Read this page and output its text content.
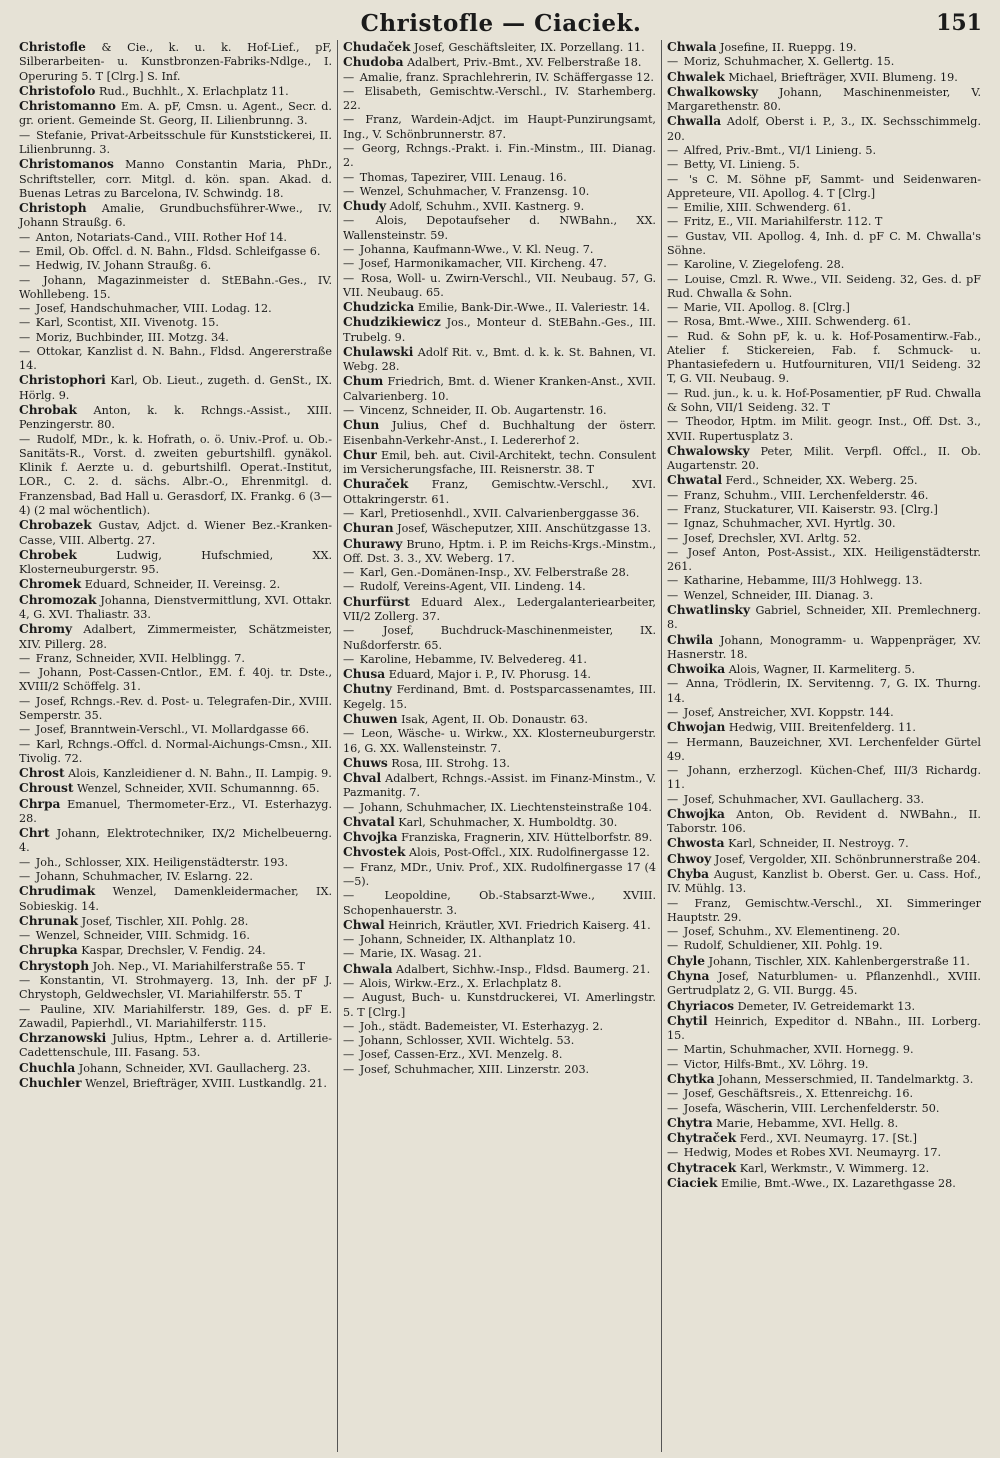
Christofle — Ciaciek.	151
Christofle & Cie., k. u. k. Hof-Lief., pF, Silberarbeiten- u. Kunstbronzen-Fabriks-Ndlge., I. Operuring 5. T [Clrg.] S. Inf.
Christofolo Rud., Buchhlt., X. Erlachplatz 11.
Christomanno Em. A. pF, Cmsn. u. Agent., Secr. d. gr. orient. Gemeinde St. Georg, II. Lilienbrunng. 3.
— Stefanie, Privat-Arbeitsschule für Kunststickerei, II. Lilienbrunng. 3.
Christomanos Manno Constantin Maria, PhDr., Schriftsteller, corr. Mitgl. d. kön. span. Akad. d. Buenas Letras zu Barcelona, IV. Schwindg. 18.
Christoph Amalie, Grundbuchsführer-Wwe., IV. Johann Straußg. 6.
— Anton, Notariats-Cand., VIII. Rother Hof 14.
— Emil, Ob. Offcl. d. N. Bahn., Fldsd. Schleifgasse 6.
— Hedwig, IV. Johann Straußg. 6.
— Johann, Magazinmeister d. StEBahn.-Ges., IV. Wohllebeng. 15.
— Josef, Handschuhmacher, VIII. Lodag. 12.
— Karl, Scontist, XII. Vivenotg. 15.
— Moriz, Buchbinder, III. Motzg. 34.
— Ottokar, Kanzlist d. N. Bahn., Fldsd. Angererstraße 14.
Christophori Karl, Ob. Lieut., zugeth. d. GenSt., IX. Hörlg. 9.
Chrobak Anton, k. k. Rchngs.-Assist., XIII. Penzingerstr. 80.
— Rudolf, MDr., k. k. Hofrath, o. ö. Univ.-Prof. u. Ob.-Sanitäts-R., Vorst. d. zweiten geburtshilfl. gynäkol. Klinik f. Aerzte u. d. geburtshilfl. Operat.-Institut, LOR., C. 2. d. sächs. Albr.-O., Ehrenmitgl. d. Franzensbad, Bad Hall u. Gerasdorf, IX. Frankg. 6 (3—4) (2 mal wöchentlich).
Chrobazek Gustav, Adjct. d. Wiener Bez.-Kranken-Casse, VIII. Albertg. 27.
Chrobek	Ludwig, Hufschmied, XX. Klosterneuburgerstr. 95.
Chromek Eduard, Schneider, II. Vereinsg. 2.
Chromozak Johanna, Dienstvermittlung, XVI. Ottakr. 4, G. XVI. Thaliastr. 33.
Chromy Adalbert, Zimmermeister, Schätzmeister, XIV. Pillerg. 28.
— Franz, Schneider, XVII. Helblingg. 7.
— Johann, Post-Cassen-Cntlor., EM. f. 40j. tr. Dste., XVIII/2 Schöffelg. 31.
— Josef, Rchngs.-Rev. d. Post- u. Telegrafen-Dir., XVIII. Semperstr. 35.
— Josef, Branntwein-Verschl., VI. Mollardgasse 66.
— Karl, Rchngs.-Offcl. d. Normal-Aichungs-Cmsn., XII. Tivolig. 72.
Chrost Alois, Kanzleidiener d. N. Bahn., II. Lampig. 9.
Chroust Wenzel, Schneider, XVII. Schumannng. 65.
Chrpa Emanuel, Thermometer-Erz., VI. Esterhazyg. 28.
Chrt Johann, Elektrotechniker, IX/2 Michelbeuerng. 4.
— Joh., Schlosser, XIX. Heiligenstädterstr. 193.
— Johann, Schuhmacher, IV. Eslarng. 22.
Chrudimak Wenzel, Damenkleidermacher, IX. Sobieskig. 14.
Chrunak Josef, Tischler, XII. Pohlg. 28.
— Wenzel, Schneider, VIII. Schmidg. 16.
Chrupka Kaspar, Drechsler, V. Fendig. 24.
Chrystoph Joh. Nep., VI. Mariahilferstraße 55. T
— Konstantin, VI. Strohmayerg. 13, Inh. der pF J. Chrystoph, Geldwechsler, VI. Mariahilferstr. 55. T
— Pauline, XIV. Mariahilferstr. 189, Ges. d. pF E. Zawadil, Papierhdl., VI. Mariahilferstr. 115.
Chrzanowski Julius, Hptm., Lehrer a. d. Artillerie-Cadettenschule, III. Fasang. 53.
Chuchla Johann, Schneider, XVI. Gaullacherg. 23.
Chuchler Wenzel, Briefträger, XVIII. Lustkandlg. 21.
Chudaček Josef, Geschäftsleiter, IX. Porzellang. 11.
Chudoba Adalbert, Priv.-Bmt., XV. Felberstraße 18.
— Amalie, franz. Sprachlehrerin, IV. Schäffergasse 12.
— Elisabeth, Gemischtw.-Verschl., IV. Starhemberg. 22.
— Franz, Wardein-Adjct. im Haupt-Punzirungsamt, Ing., V. Schönbrunnerstr. 87.
— Georg, Rchngs.-Prakt. i. Fin.-Minstm., III. Dianag. 2.
— Thomas, Tapezirer, VIII. Lenaug. 16.
— Wenzel, Schuhmacher, V. Franzensg. 10.
Chudy Adolf, Schuhm., XVII. Kastnerg. 9.
— Alois, Depotaufseher d. NWBahn., XX. Wallensteinstr. 59.
— Johanna, Kaufmann-Wwe., V. Kl. Neug. 7.
— Josef, Harmonikamacher, VII. Kircheng. 47.
— Rosa, Woll- u. Zwirn-Verschl., VII. Neubaug. 57, G. VII. Neubaug. 65.
Chudzicka Emilie, Bank-Dir.-Wwe., II. Valeriestr. 14.
Chudzikiewicz Jos., Monteur d. StEBahn.-Ges., III. Trubelg. 9.
Chulawski Adolf Rit. v., Bmt. d. k. k. St. Bahnen, VI. Webg. 28.
Chum Friedrich, Bmt. d. Wiener Kranken-Anst., XVII. Calvarienberg. 10.
— Vincenz, Schneider, II. Ob. Augartenstr. 16.
Chun Julius, Chef d. Buchhaltung der österr. Eisenbahn-Verkehr-Anst., I. Ledererhof 2.
Chur Emil, beh. aut. Civil-Architekt, techn. Consulent im Versicherungsfache, III. Reisnerstr. 38. T
Churaček Franz, Gemischtw.-Verschl., XVI. Ottakringerstr. 61.
— Karl, Pretiosenhdl., XVII. Calvarienberggasse 36.
Churan Josef, Wäscheputzer, XIII. Anschützgasse 13.
Churawy Bruno, Hptm. i. P. im Reichs-Krgs.-Minstm., Off. Dst. 3. 3., XV. Weberg. 17.
— Karl, Gen.-Domänen-Insp., XV. Felberstraße 28.
— Rudolf, Vereins-Agent, VII. Lindeng. 14.
Churfürst Eduard Alex., Ledergalanteriearbeiter, VII/2 Zollerg. 37.
—	Josef, Buchdruck-Maschinenmeister, IX. Nußdorferstr. 65.
— Karoline, Hebamme, IV. Belvedereg. 41.
Chusa Eduard, Major i. P., IV. Phorusg. 14.
Chutny Ferdinand, Bmt. d. Postsparcassenamtes, III. Kegelg. 15.
Chuwen Isak, Agent, II. Ob. Donaustr. 63.
— Leon, Wäsche- u. Wirkw., XX. Klosterneuburgerstr. 16, G. XX. Wallensteinstr. 7.
Chuws Rosa, III. Strohg. 13.
Chval Adalbert, Rchngs.-Assist. im Finanz-Minstm., V. Pazmanitg. 7.
— Johann, Schuhmacher, IX. Liechtensteinstraße 104.
Chvatal Karl, Schuhmacher, X. Humboldtg. 30.
Chvojka Franziska, Fragnerin, XIV. Hüttelborfstr. 89.
Chvostek Alois, Post-Offcl., XIX. Rudolfinergasse 12.
— Franz, MDr., Univ. Prof., XIX. Rudolfinergasse 17 (4—5).
—	Leopoldine, Ob.-Stabsarzt-Wwe., XVIII. Schopenhauerstr. 3.
Chwal Heinrich, Kräutler, XVI. Friedrich Kaiserg. 41.
— Johann, Schneider, IX. Althanplatz 10.
— Marie, IX. Wasag. 21.
Chwala Adalbert, Sichhw.-Insp., Fldsd. Baumerg. 21.
— Alois, Wirkw.-Erz., X. Erlachplatz 8.
— August, Buch- u. Kunstdruckerei, VI. Amerlingstr. 5. T [Clrg.]
— Joh., städt. Bademeister, VI. Esterhazyg. 2.
— Johann, Schlosser, XVII. Wichtelg. 53.
— Josef, Cassen-Erz., XVI. Menzelg. 8.
— Josef, Schuhmacher, XIII. Linzerstr. 203.
Chwala Josefine, II. Rueppg. 19.
— Moriz, Schuhmacher, X. Gellertg. 15.
Chwalek Michael, Briefträger, XVII. Blumeng. 19.
Chwalkowsky Johann, Maschinenmeister, V. Margarethenstr. 80.
Chwalla Adolf, Oberst i. P., 3., IX. Sechsschimmelg. 20.
— Alfred, Priv.-Bmt., VI/1 Linieng. 5.
— Betty, VI. Linieng. 5.
— 's C. M. Söhne pF, Sammt- und Seidenwaren-Appreteure, VII. Apollog. 4. T [Clrg.]
— Emilie, XIII. Schwenderg. 61.
— Fritz, E., VII. Mariahilferstr. 112. T
— Gustav, VII. Apollog. 4, Inh. d. pF C. M. Chwalla's Söhne.
— Karoline, V. Ziegelofeng. 28.
— Louise, Cmzl. R. Wwe., VII. Seideng. 32, Ges. d. pF Rud. Chwalla & Sohn.
— Marie, VII. Apollog. 8. [Clrg.]
— Rosa, Bmt.-Wwe., XIII. Schwenderg. 61.
— Rud. & Sohn pF, k. u. k. Hof-Posamentirw.-Fab., Atelier f. Stickereien, Fab. f. Schmuck- u. Phantasiefedern u. Hutfournituren, VII/1 Seideng. 32 T, G. VII. Neubaug. 9.
— Rud. jun., k. u. k. Hof-Posamentier, pF Rud. Chwalla & Sohn, VII/1 Seideng. 32. T
— Theodor, Hptm. im Milit. geogr. Inst., Off. Dst. 3., XVII. Rupertusplatz 3.
Chwalowsky Peter, Milit. Verpfl. Offcl., II. Ob. Augartenstr. 20.
Chwatal Ferd., Schneider, XX. Weberg. 25.
— Franz, Schuhm., VIII. Lerchenfelderstr. 46.
— Franz, Stuckaturer, VII. Kaiserstr. 93. [Clrg.]
— Ignaz, Schuhmacher, XVI. Hyrtlg. 30.
— Josef, Drechsler, XVI. Arltg. 52.
— Josef Anton, Post-Assist., XIX. Heiligenstädterstr. 261.
— Katharine, Hebamme, III/3 Hohlwegg. 13.
— Wenzel, Schneider, III. Dianag. 3.
Chwatlinsky Gabriel, Schneider, XII. Premlechnerg. 8.
Chwila Johann, Monogramm- u. Wappenpräger, XV. Hasnerstr. 18.
Chwoika Alois, Wagner, II. Karmeliterg. 5.
— Anna, Trödlerin, IX. Servitenng. 7, G. IX. Thurng. 14.
— Josef, Anstreicher, XVI. Koppstr. 144.
Chwojan Hedwig, VIII. Breitenfelderg. 11.
— Hermann, Bauzeichner, XVI. Lerchenfelder Gürtel 49.
— Johann, erzherzogl. Küchen-Chef, III/3 Richardg. 11.
— Josef, Schuhmacher, XVI. Gaullacherg. 33.
Chwojka Anton, Ob. Revident d. NWBahn., II. Taborstr. 106.
Chwosta Karl, Schneider, II. Nestroyg. 7.
Chwoy Josef, Vergolder, XII. Schönbrunnerstraße 204.
Chyba August, Kanzlist b. Oberst. Ger. u. Cass. Hof., IV. Mühlg. 13.
— Franz, Gemischtw.-Verschl., XI. Simmeringer Hauptstr. 29.
— Josef, Schuhm., XV. Elementineng. 20.
— Rudolf, Schuldiener, XII. Pohlg. 19.
Chyle Johann, Tischler, XIX. Kahlenbergerstraße 11.
Chyna Josef, Naturblumen- u. Pflanzenhdl., XVIII. Gertrudplatz 2, G. VII. Burgg. 45.
Chyriacos Demeter, IV. Getreidemarkt 13.
Chytil Heinrich, Expeditor d. NBahn., III. Lorberg. 15.
— Martin, Schuhmacher, XVII. Hornegg. 9.
— Victor, Hilfs-Bmt., XV. Löhrg. 19.
Chytka Johann, Messerschmied, II. Tandelmarktg. 3.
— Josef, Geschäftsreis., X. Ettenreichg. 16.
— Josefa, Wäscherin, VIII. Lerchenfelderstr. 50.
Chytra Marie, Hebamme, XVI. Hellg. 8.
Chytraček Ferd., XVI. Neumayrg. 17. [St.]
— Hedwig, Modes et Robes XVI. Neumayrg. 17.
Chytracek Karl, Werkmstr., V. Wimmerg. 12.
Ciaciek Emilie, Bmt.-Wwe., IX. Lazarethgasse 28.
